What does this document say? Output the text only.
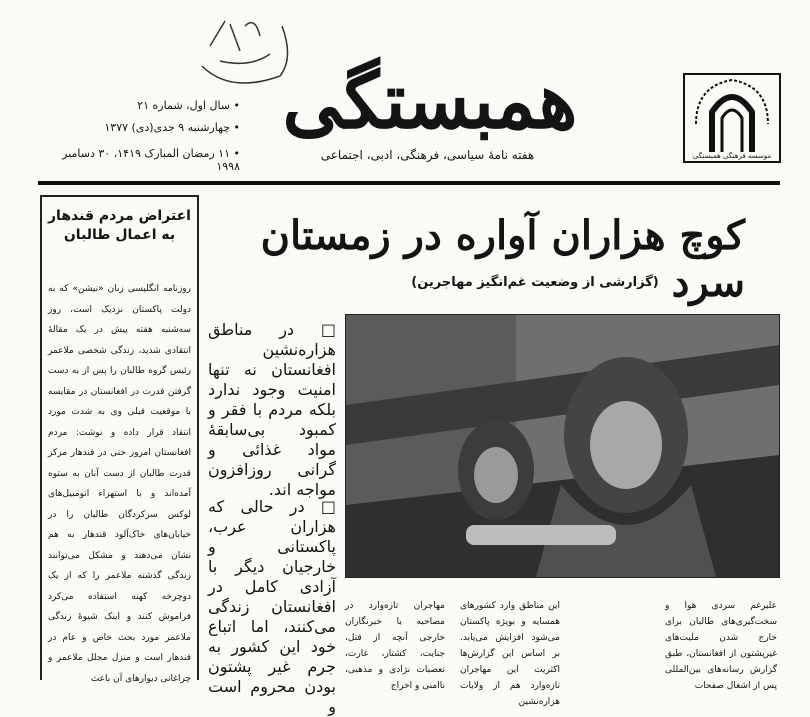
موسسه فرهنگی همبستگی
همبستگی
هفته نامهٔ سیاسی، فرهنگی، ادبی، اجتماعی
• سال اول، شماره ۲۱
• چهارشنبه ۹ جدی(دی) ۱۳۷۷
• ۱۱ رمضان المبارک ۱۴۱۹، ۳۰ دسامبر ۱۹۹۸
کوچ هزاران آواره در زمستان سرد
(گزارشی از وضعیت غم‌انگیز مهاجرین)
اعتراض مردم قندهار به اعمال طالبان
روزنامه انگلیسی زبان «نیشن» که به دولت پاکستان نزدیک است، روز سه‌شنبه هفته پیش در یک مقالهٔ انتقادی شدید، زندگی شخصی ملاعمر رئیس گروه طالبان را پس از به دست گرفتن قدرت در افغانستان در مقایسه با موقعیت قبلی وی به شدت مورد انتقاد قرار داده و نوشت: مردم افغانستان امروز حتی در قندهار مرکز قدرت طالبان از دست آنان به ستوه آمده‌اند و با استهزاء اتومبیل‌های لوکس سرکردگان طالبان را در خیابان‌های خاک‌آلود قندهار به هم نشان می‌دهند و مشکل می‌توانند زندگی گذشته ملاعمر را که از یک دوچرخه کهنه استفاده می‌کرد فراموش کنند و اینک شیوهٔ زندگی ملاعمر مورد بحث خاص و عام در قندهار است و منزل مجلل ملاعمر و چراغانی دیوارهای آن باعث
□ در مناطق هزاره‌نشین افغانستان نه تنها امنیت وجود ندارد بلکه مردم با فقر و کمبود بی‌سابقهٔ مواد غذائی و گرانی روزافزون مواجه اند.
□ در حالی که هزاران عرب، پاکستانی و خارجیان دیگر با آزادی کامل در افغانستان زندگی می‌کنند، اما اتباع خود این کشور به جرم غیر پشتون بودن محروم است و
مهاجران تازه‌وارد در مصاحبه با خبرنگاران خارجی آنچه از قتل، جنایت، کشتار، غارت، تعصبات نژادی و مذهبی، ناامنی و اخراج
این مناطق وارد کشورهای همسایه و بویژه پاکستان می‌شود افزایش می‌یابد. بر اساس این گزارش‌ها اکثریت این مهاجران تازه‌وارد هم از ولایات هزاره‌نشین
علیرغم سردی هوا و سخت‌گیری‌های طالبان برای خارج شدن ملیت‌های غیرپشتون از افغانستان، طبق گزارش رسانه‌های بین‌المللی پس از اشغال صفحات
